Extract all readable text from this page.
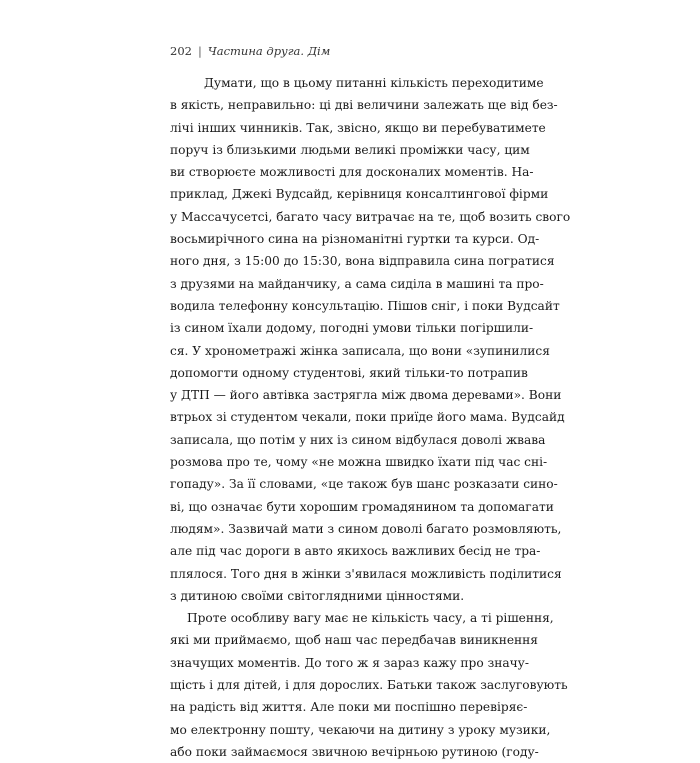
202 | Частина друга. Дім
Думати, що в цьому питанні кількість переходитиме
в якість, неправильно: ці дві величини залежать ще від без-
лічі інших чинників. Так, звісно, якщо ви перебуватимете
поруч із близькими людьми великі проміжки часу, цим
ви створюєте можливості для досконалих моментів. На-
приклад, Джекі Вудсайд, керівниця консалтингової фірми
у Массачусетсі, багато часу витрачає на те, щоб возить свого
восьмирічного сина на різноманітні гуртки та курси. Од-
ного дня, з 15:00 до 15:30, вона відправила сина погратися
з друзями на майданчику, а сама сиділа в машині та про-
водила телефонну консультацію. Пішов сніг, і поки Вудсайт
із сином їхали додому, погодні умови тільки погіршили-
ся. У хронометражі жінка записала, що вони «зупинилися
допомогти одному студентові, який тільки-то потрапив
у ДТП — його автівка застрягла між двома деревами». Вони
втрьох зі студентом чекали, поки приїде його мама. Вудсайд
записала, що потім у них із сином відбулася доволі жвава
розмова про те, чому «не можна швидко їхати під час сні-
гопаду». За її словами, «це також був шанс розказати сино-
ві, що означає бути хорошим громадянином та допомагати
людям». Зазвичай мати з сином доволі багато розмовляють,
але під час дороги в авто якихось важливих бесід не тра-
плялося. Того дня в жінки з'явилася можливість поділитися
з дитиною своїми світоглядними цінностями.
Проте особливу вагу має не кількість часу, а ті рішення,
які ми приймаємо, щоб наш час передбачав виникнення
значущих моментів. До того ж я зараз кажу про значу-
щість і для дітей, і для дорослих. Батьки також заслуговують
на радість від життя. Але поки ми поспішно перевіряє-
мо електронну пошту, чекаючи на дитину з уроку музики,
або поки займаємося звичною вечірньою рутиною (году-
